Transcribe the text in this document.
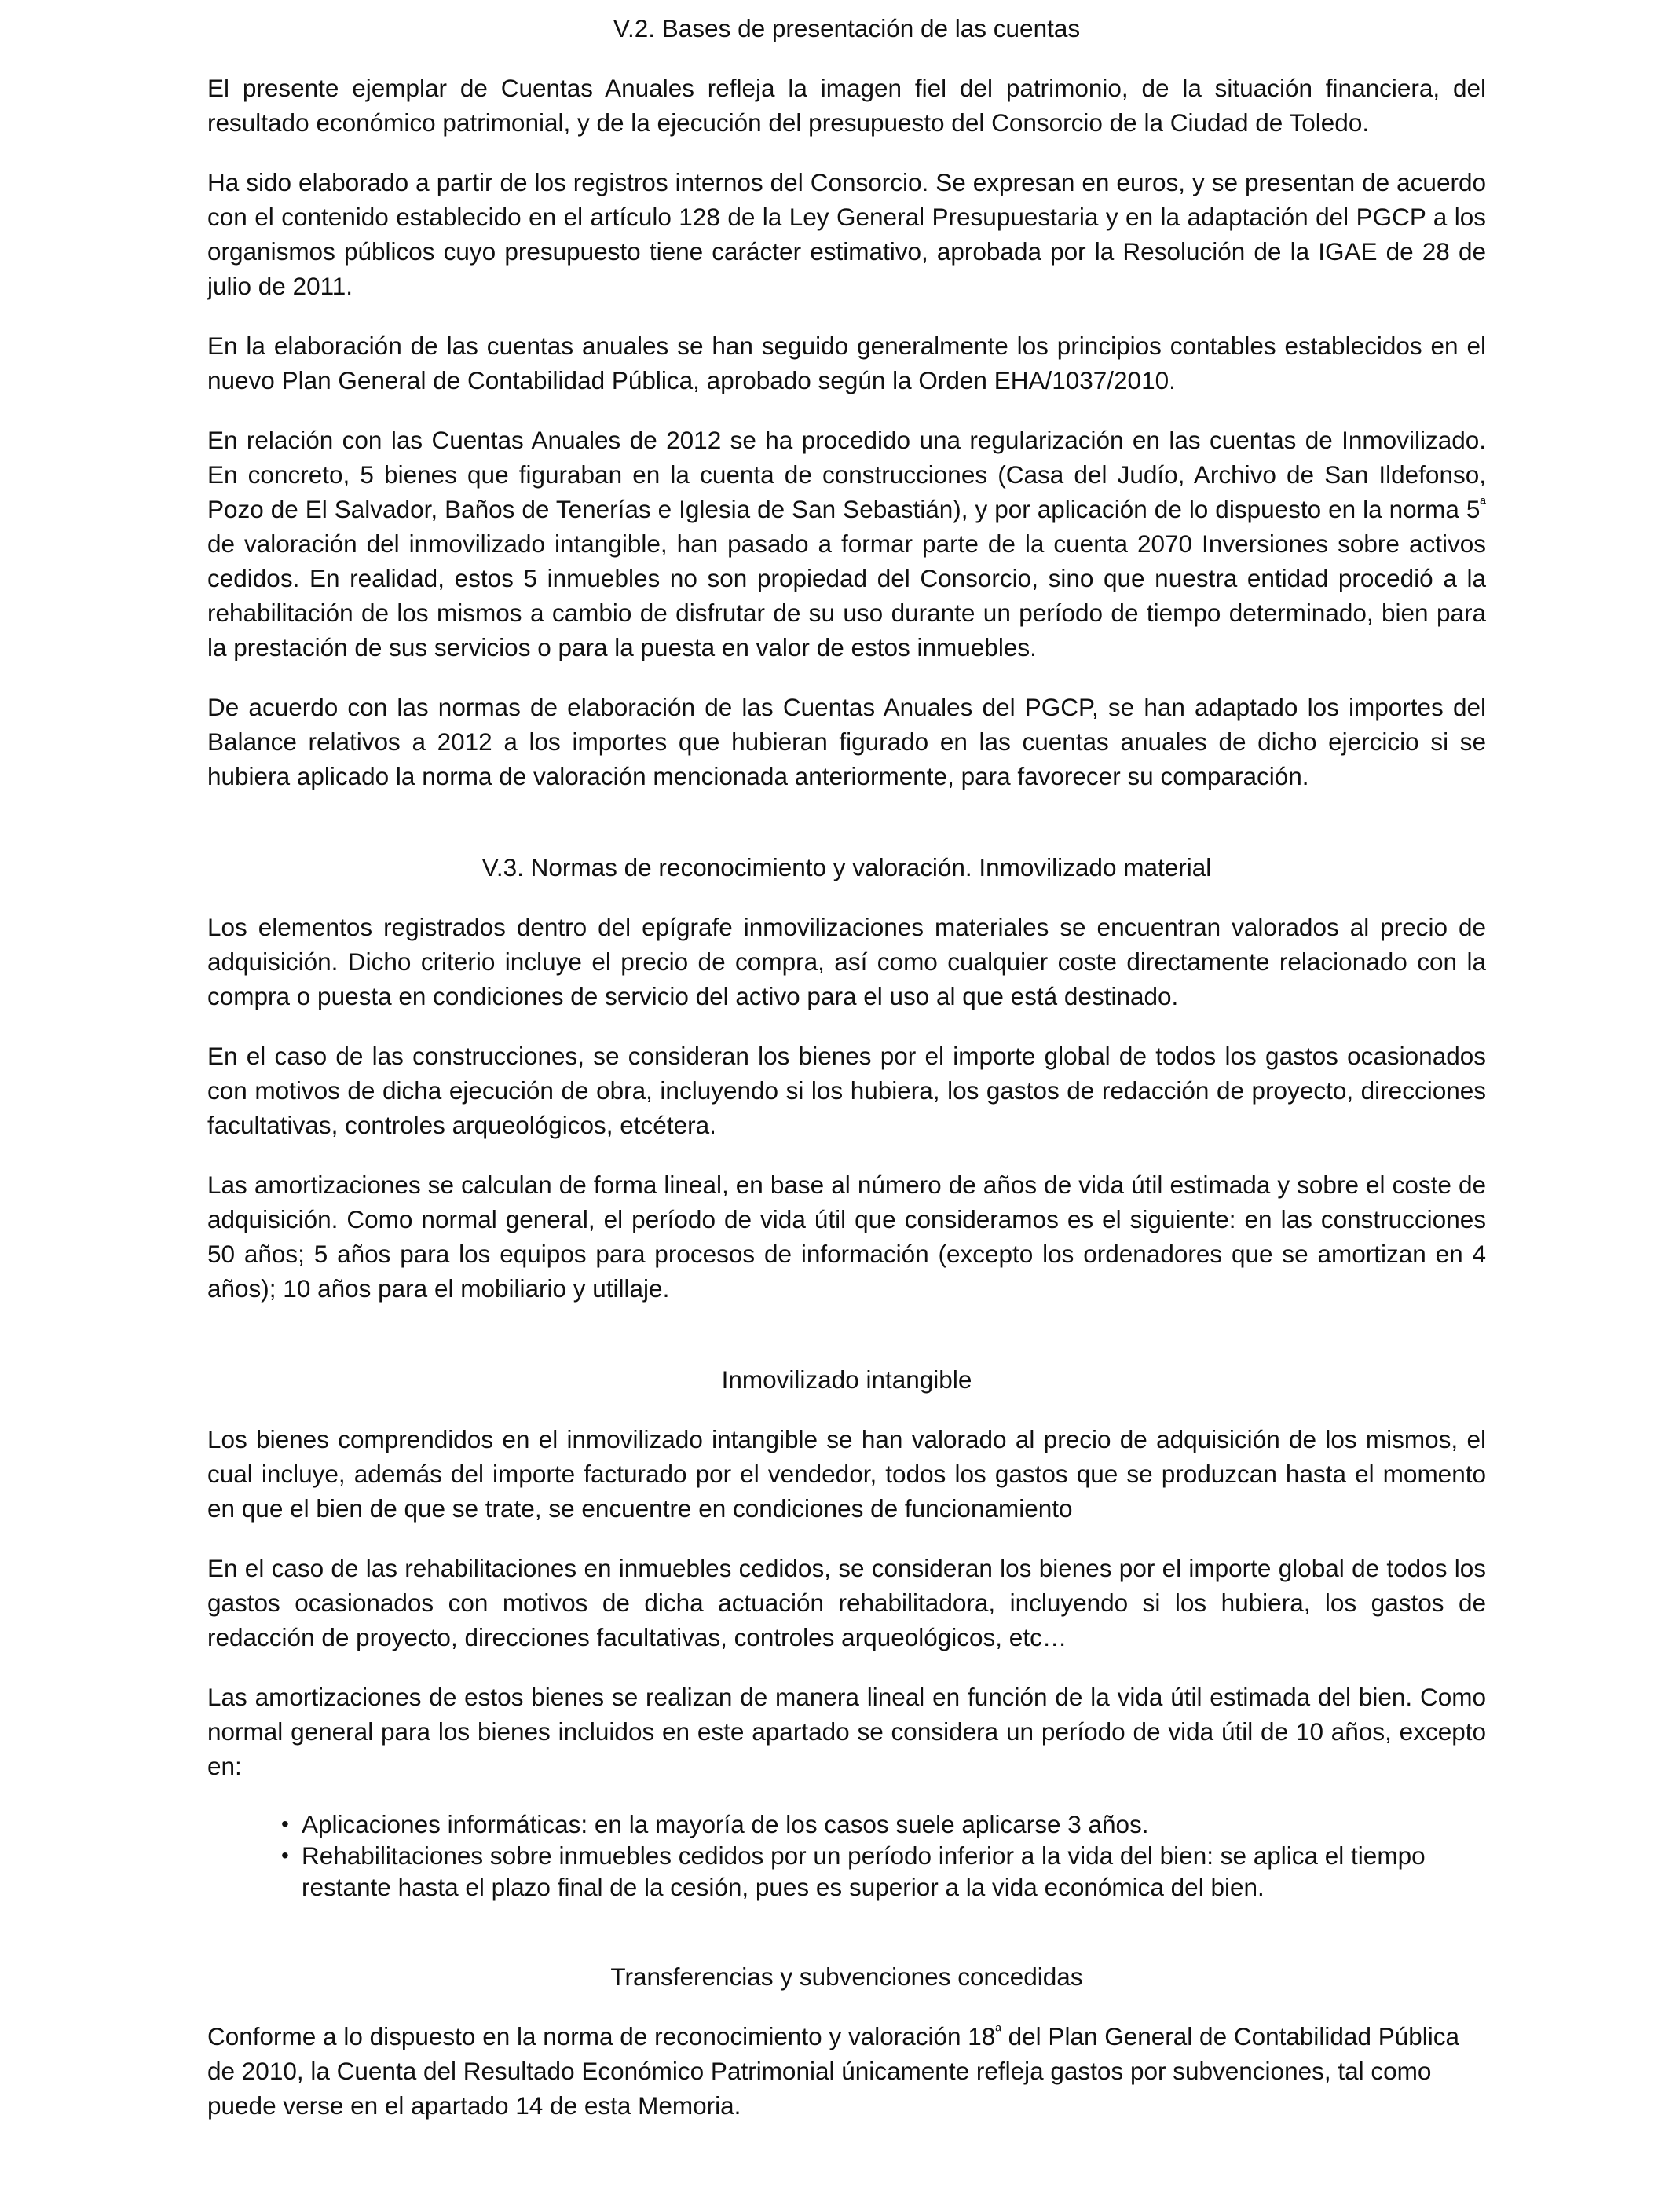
V.2. Bases de presentación de las cuentas

El presente ejemplar de Cuentas Anuales refleja la imagen fiel del patrimonio, de la situación financiera, del resultado económico patrimonial, y de la ejecución del presupuesto del Consorcio de la Ciudad de Toledo.

Ha sido elaborado a partir de los registros internos del Consorcio. Se expresan en euros, y se presentan de acuerdo con el contenido establecido en el artículo 128 de la Ley General Presupuestaria y en la adaptación del PGCP a los organismos públicos cuyo presupuesto tiene carácter estimativo, aprobada por la Resolución de la IGAE de 28 de julio de 2011.

En la elaboración de las cuentas anuales se han seguido generalmente los principios contables establecidos en el nuevo Plan General de Contabilidad Pública, aprobado según la Orden EHA/1037/2010.

En relación con las Cuentas Anuales de 2012 se ha procedido una regularización en las cuentas de Inmovilizado. En concreto, 5 bienes que figuraban en la cuenta de construcciones (Casa del Judío, Archivo de San Ildefonso, Pozo de El Salvador, Baños de Tenerías e Iglesia de San Sebastián), y por aplicación de lo dispuesto en la norma $5^ª$ de valoración del inmovilizado intangible, han pasado a formar parte de la cuenta 2070 Inversiones sobre activos cedidos. En realidad, estos 5 inmuebles no son propiedad del Consorcio, sino que nuestra entidad procedió a la rehabilitación de los mismos a cambio de disfrutar de su uso durante un período de tiempo determinado, bien para la prestación de sus servicios o para la puesta en valor de estos inmuebles.

De acuerdo con las normas de elaboración de las Cuentas Anuales del PGCP, se han adaptado los importes del Balance relativos a 2012 a los importes que hubieran figurado en las cuentas anuales de dicho ejercicio si se hubiera aplicado la norma de valoración mencionada anteriormente, para favorecer su comparación.

V.3. Normas de reconocimiento y valoración. Inmovilizado material

Los elementos registrados dentro del epígrafe inmovilizaciones materiales se encuentran valorados al precio de adquisición. Dicho criterio incluye el precio de compra, así como cualquier coste directamente relacionado con la compra o puesta en condiciones de servicio del activo para el uso al que está destinado.

En el caso de las construcciones, se consideran los bienes por el importe global de todos los gastos ocasionados con motivos de dicha ejecución de obra, incluyendo si los hubiera, los gastos de redacción de proyecto, direcciones facultativas, controles arqueológicos, etcétera.

Las amortizaciones se calculan de forma lineal, en base al número de años de vida útil estimada y sobre el coste de adquisición. Como normal general, el período de vida útil que consideramos es el siguiente: en las construcciones 50 años; 5 años para los equipos para procesos de información (excepto los ordenadores que se amortizan en 4 años); 10 años para el mobiliario y utillaje.

Inmovilizado intangible

Los bienes comprendidos en el inmovilizado intangible se han valorado al precio de adquisición de los mismos, el cual incluye, además del importe facturado por el vendedor, todos los gastos que se produzcan hasta el momento en que el bien de que se trate, se encuentre en condiciones de funcionamiento

En el caso de las rehabilitaciones en inmuebles cedidos, se consideran los bienes por el importe global de todos los gastos ocasionados con motivos de dicha actuación rehabilitadora, incluyendo si los hubiera, los gastos de redacción de proyecto, direcciones facultativas, controles arqueológicos, etc…

Las amortizaciones de estos bienes se realizan de manera lineal en función de la vida útil estimada del bien. Como normal general para los bienes incluidos en este apartado se considera un período de vida útil de 10 años, excepto en:

• Aplicaciones informáticas: en la mayoría de los casos suele aplicarse 3 años.
• Rehabilitaciones sobre inmuebles cedidos por un período inferior a la vida del bien: se aplica el tiempo restante hasta el plazo final de la cesión, pues es superior a la vida económica del bien.
Transferencias y subvenciones concedidas

Conforme a lo dispuesto en la norma de reconocimiento y valoración $18^ª$ del Plan General de Contabilidad Pública de 2010, la Cuenta del Resultado Económico Patrimonial únicamente refleja gastos por subvenciones, tal como puede verse en el apartado 14 de esta Memoria.
